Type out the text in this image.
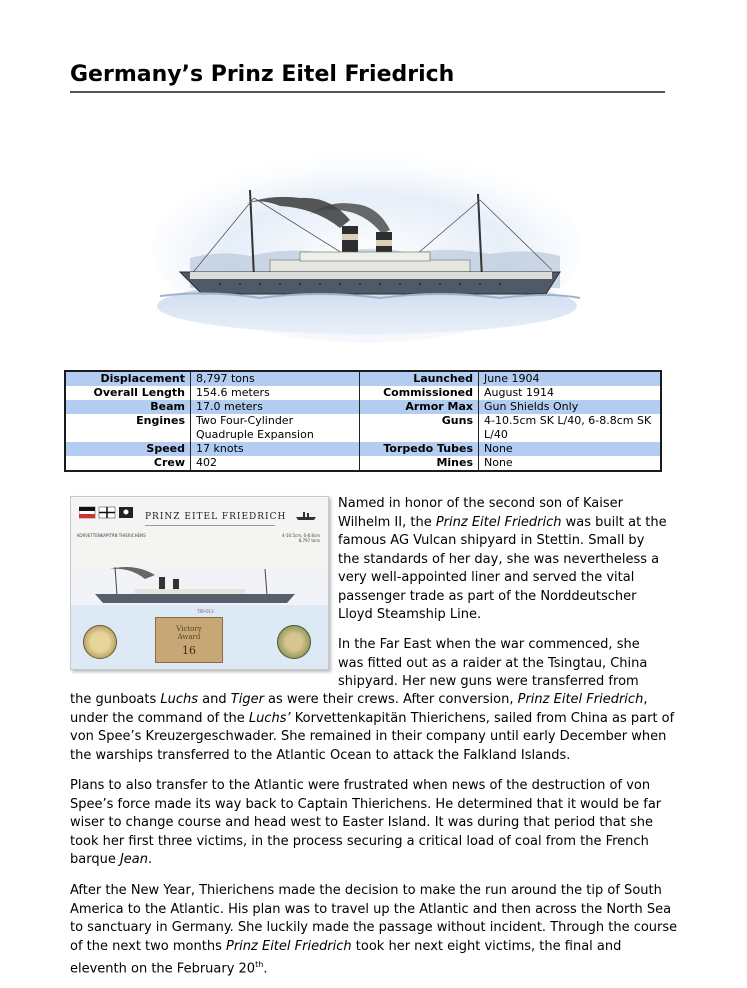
Germany’s Prinz Eitel Friedrich
Displacement	8,797 tons	Launched	June 1904
Overall Length	154.6 meters	Commissioned	August 1914
Beam	17.0 meters	Armor Max	Gun Shields Only
Engines	Two Four-Cylinder Quadruple Expansion	Guns	4-10.5cm SK L/40, 6-8.8cm SK L/40
Speed	17 knots	Torpedo Tubes	None
Crew	402	Mines	None
PRINZ EITEL FRIEDRICH
KORVETTENKAPITÄN THIERICHENS	4-10.5cm, 6-8.8cm
8,797 tons
TRP-013
Victory
Award
16

Named in honor of the second son of Kaiser Wilhelm II, the Prinz Eitel Friedrich was built at the famous AG Vulcan shipyard in Stettin. Small by the standards of her day, she was nevertheless a very well-appointed liner and served the vital passenger trade as part of the Norddeutscher Lloyd Steamship Line.

In the Far East when the war commenced, she was fitted out as a raider at the Tsingtau, China shipyard. Her new guns were transferred from

the gunboats Luchs and Tiger as were their crews. After conversion, Prinz Eitel Friedrich, under the command of the Luchs’ Korvettenkapitän Thierichens, sailed from China as part of von Spee’s Kreuzergeschwader. She remained in their company until early December when the warships transferred to the Atlantic Ocean to attack the Falkland Islands.

Plans to also transfer to the Atlantic were frustrated when news of the destruction of von Spee’s force made its way back to Captain Thierichens. He determined that it would be far wiser to change course and head west to Easter Island. It was during that period that she took her first three victims, in the process securing a critical load of coal from the French barque Jean.

After the New Year, Thierichens made the decision to make the run around the tip of South America to the Atlantic. His plan was to travel up the Atlantic and then across the North Sea to sanctuary in Germany. She luckily made the passage without incident. Through the course of the next two months Prinz Eitel Friedrich took her next eight victims, the final and eleventh on the February 20th.
